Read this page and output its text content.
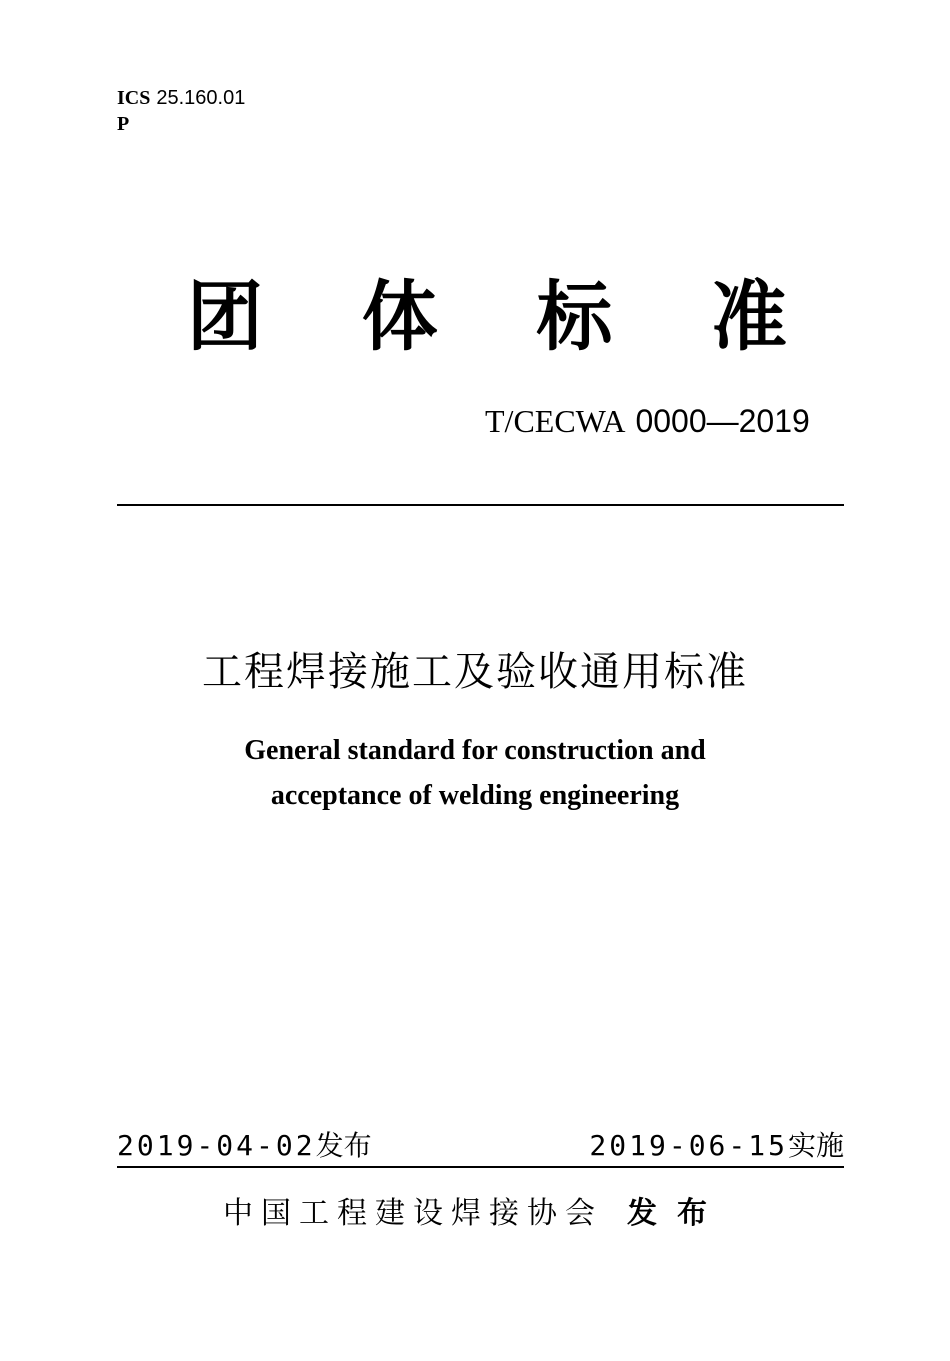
ICS 25.160.01
P
团 体 标 准
T/CECWA 0000—2019
工程焊接施工及验收通用标准
General standard for construction and
acceptance of welding engineering
2019-04-02发布	2019-06-15实施
中国工程建设焊接协会 发布
